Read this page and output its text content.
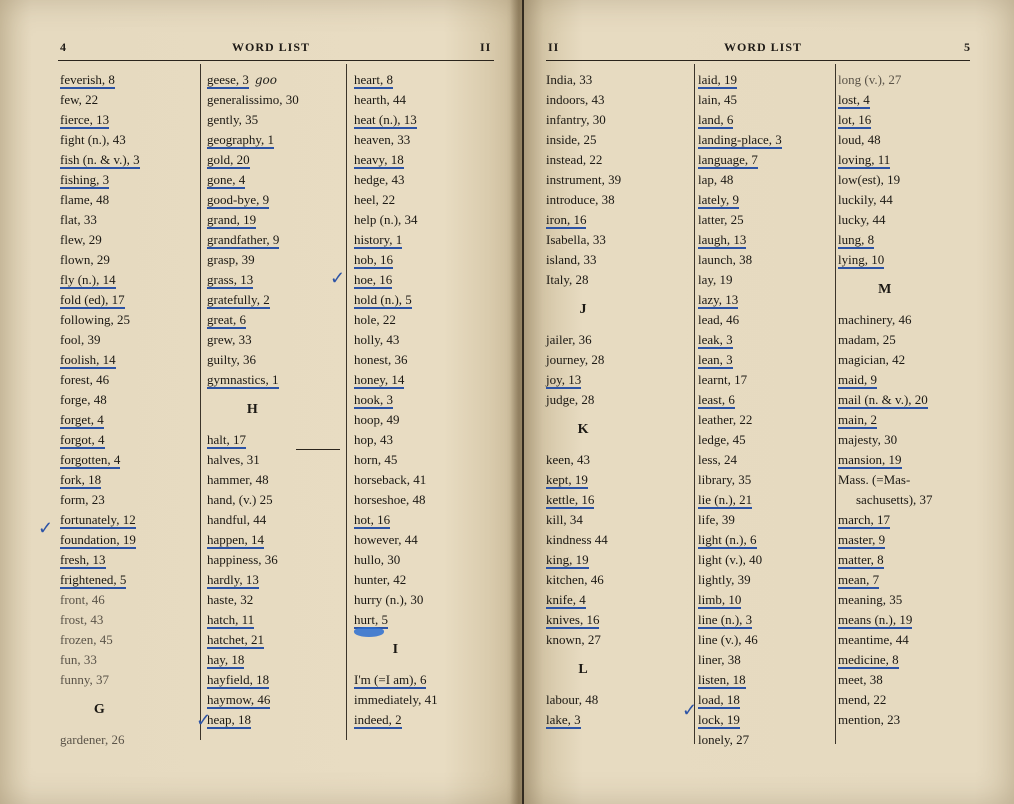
4	WORD LIST	II
feverish, 8
few, 22
fierce, 13
fight (n.), 43
fish (n. & v.), 3
fishing, 3
flame, 48
flat, 33
flew, 29
flown, 29
fly (n.), 14
fold (ed), 17
following, 25
fool, 39
foolish, 14
forest, 46
forge, 48
forget, 4
forgot, 4
forgotten, 4
fork, 18
form, 23
fortunately, 12
foundation, 19
fresh, 13
frightened, 5
front, 46
frost, 43
frozen, 45
fun, 33
funny, 37
G
gardener, 26
geese, 3 goo
generalissimo, 30
gently, 35
geography, 1
gold, 20
gone, 4
good-bye, 9
grand, 19
grandfather, 9
grasp, 39
grass, 13
gratefully, 2
great, 6
grew, 33
guilty, 36
gymnastics, 1
H
halt, 17
halves, 31
hammer, 48
hand, (v.) 25
handful, 44
happen, 14
happiness, 36
hardly, 13
haste, 32
hatch, 11
hatchet, 21
hay, 18
hayfield, 18
haymow, 46
heap, 18
heart, 8
hearth, 44
heat (n.), 13
heaven, 33
heavy, 18
hedge, 43
heel, 22
help (n.), 34
history, 1
hob, 16
hoe, 16
hold (n.), 5
hole, 22
holly, 43
honest, 36
honey, 14
hook, 3
hoop, 49
hop, 43
horn, 45
horseback, 41
horseshoe, 48
hot, 16
however, 44
hullo, 30
hunter, 42
hurry (n.), 30
hurt, 5
I
I'm (=I am), 6
immediately, 41
indeed, 2
✓
✓
✓
II	WORD LIST	5
India, 33
indoors, 43
infantry, 30
inside, 25
instead, 22
instrument, 39
introduce, 38
iron, 16
Isabella, 33
island, 33
Italy, 28
J
jailer, 36
journey, 28
joy, 13
judge, 28
K
keen, 43
kept, 19
kettle, 16
kill, 34
kindness 44
king, 19
kitchen, 46
knife, 4
knives, 16
known, 27
L
labour, 48
lake, 3
laid, 19
lain, 45
land, 6
landing-place, 3
language, 7
lap, 48
lately, 9
latter, 25
laugh, 13
launch, 38
lay, 19
lazy, 13
lead, 46
leak, 3
lean, 3
learnt, 17
least, 6
leather, 22
ledge, 45
less, 24
library, 35
lie (n.), 21
life, 39
light (n.), 6
light (v.), 40
lightly, 39
limb, 10
line (n.), 3
line (v.), 46
liner, 38
listen, 18
load, 18
lock, 19
lonely, 27
long (v.), 27
lost, 4
lot, 16
loud, 48
loving, 11
low(est), 19
luckily, 44
lucky, 44
lung, 8
lying, 10
M
machinery, 46
madam, 25
magician, 42
maid, 9
mail (n. & v.), 20
main, 2
majesty, 30
mansion, 19
Mass. (=Mas-
sachusetts), 37
march, 17
master, 9
matter, 8
mean, 7
meaning, 35
means (n.), 19
meantime, 44
medicine, 8
meet, 38
mend, 22
mention, 23
✓
